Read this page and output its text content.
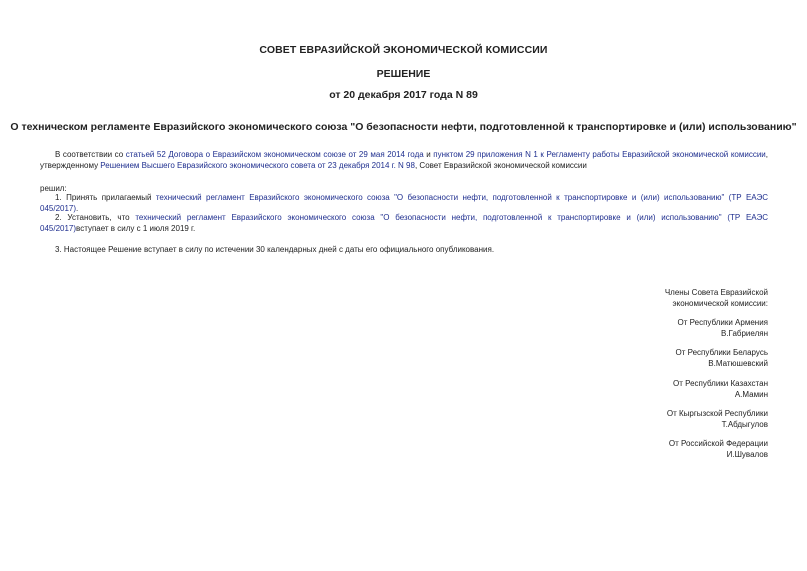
СОВЕТ ЕВРАЗИЙСКОЙ ЭКОНОМИЧЕСКОЙ КОМИССИИ
РЕШЕНИЕ
от 20 декабря 2017 года N 89
О техническом регламенте Евразийского экономического союза "О безопасности нефти, подготовленной к транспортировке и (или) использованию"
В соответствии со статьей 52 Договора о Евразийском экономическом союзе от 29 мая 2014 года и пунктом 29 приложения N 1 к Регламенту работы Евразийской экономической комиссии, утвержденному Решением Высшего Евразийского экономического совета от 23 декабря 2014 г. N 98, Совет Евразийской экономической комиссии
решил:
1. Принять прилагаемый технический регламент Евразийского экономического союза "О безопасности нефти, подготовленной к транспортировке и (или) использованию" (ТР ЕАЭС 045/2017).
2. Установить, что технический регламент Евразийского экономического союза "О безопасности нефти, подготовленной к транспортировке и (или) использованию" (ТР ЕАЭС 045/2017)вступает в силу с 1 июля 2019 г.
3. Настоящее Решение вступает в силу по истечении 30 календарных дней с даты его официального опубликования.
Члены Совета Евразийской
экономической комиссии:
От Республики Армения
В.Габриелян
От Республики Беларусь
В.Матюшевский
От Республики Казахстан
А.Мамин
От Кыргызской Республики
Т.Абдыгулов
От Российской Федерации
И.Шувалов
